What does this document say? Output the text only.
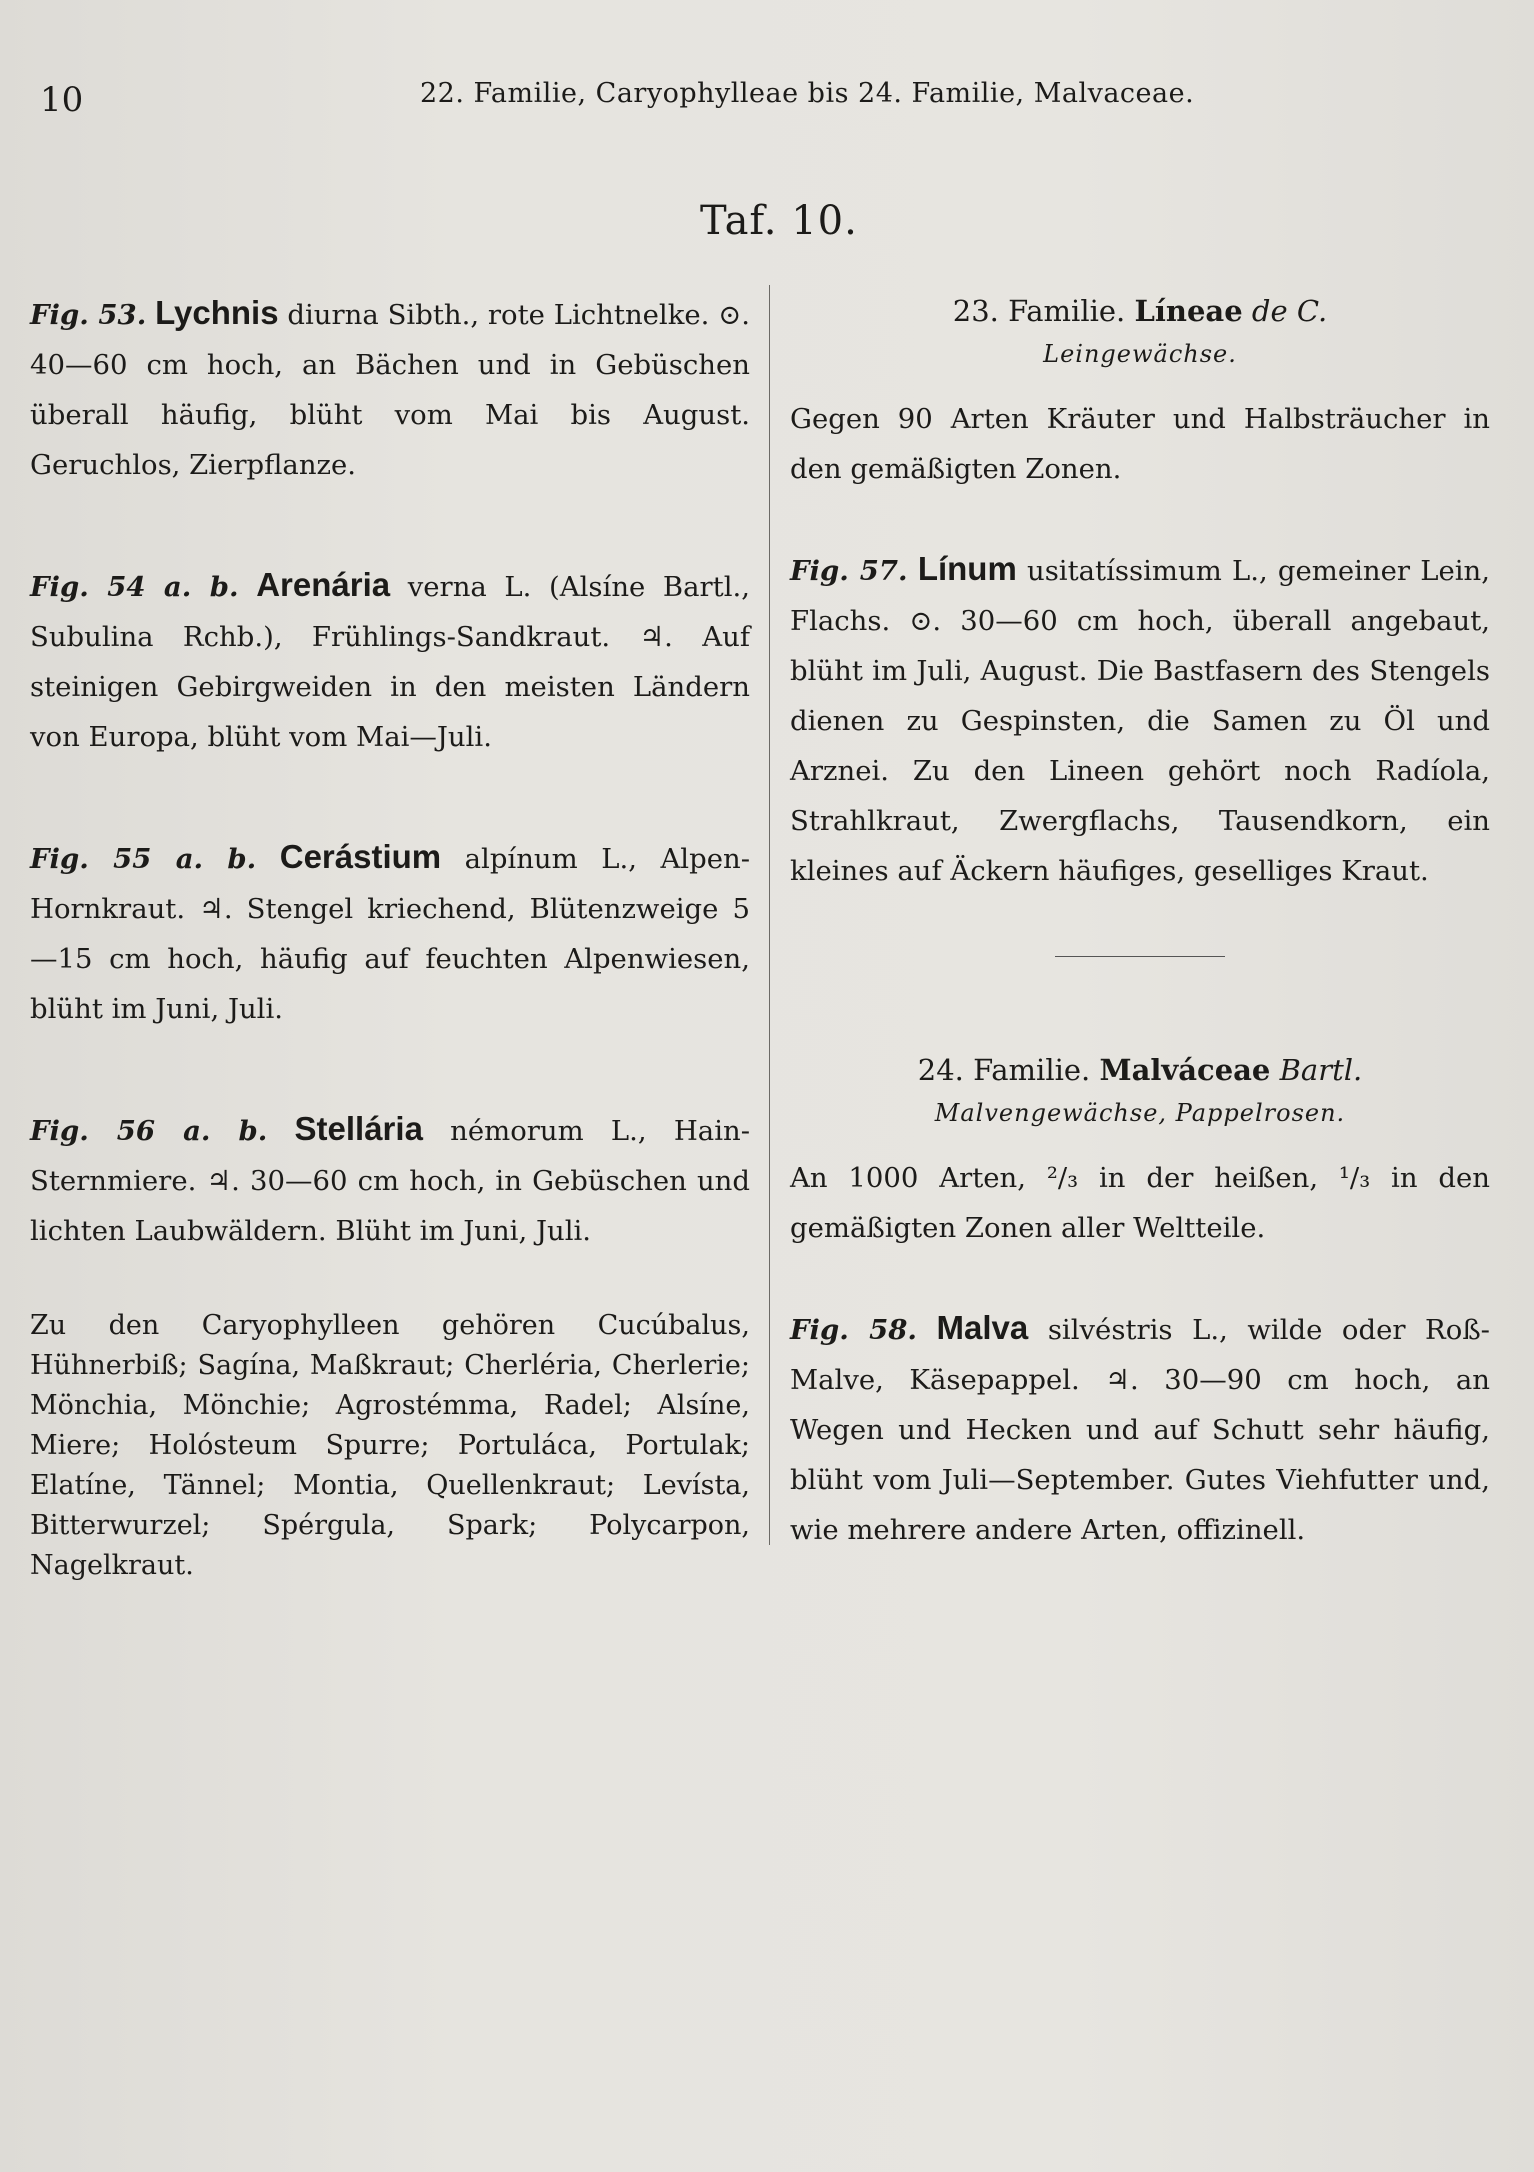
10	22. Familie, Caryophylleae bis 24. Familie, Malvaceae.
Taf. 10.

Fig. 53. Lychnis diurna Sibth., rote Lichtnelke. ⊙. 40—60 cm hoch, an Bächen und in Gebüschen überall häufig, blüht vom Mai bis August. Geruchlos, Zierpflanze.

Fig. 54 a. b. Arenária verna L. (Alsíne Bartl., Subulina Rchb.), Frühlings-Sandkraut. ♃. Auf steinigen Gebirgweiden in den meisten Ländern von Europa, blüht vom Mai—Juli.

Fig. 55 a. b. Cerástium alpínum L., Alpen-Hornkraut. ♃. Stengel kriechend, Blütenzweige 5—15 cm hoch, häufig auf feuchten Alpenwiesen, blüht im Juni, Juli.

Fig. 56 a. b. Stellária némorum L., Hain-Sternmiere. ♃. 30—60 cm hoch, in Gebüschen und lichten Laubwäldern. Blüht im Juni, Juli.

Zu den Caryophylleen gehören Cucúbalus, Hühnerbiß; Sagína, Maßkraut; Cherléria, Cherlerie; Mönchia, Mönchie; Agrostémma, Radel; Alsíne, Miere; Holósteum Spurre; Portuláca, Portulak; Elatíne, Tännel; Montia, Quellenkraut; Levísta, Bitterwurzel; Spérgula, Spark; Polycarpon, Nagelkraut.

23. Familie. Líneae de C.

Leingewächse.

Gegen 90 Arten Kräuter und Halbsträucher in den gemäßigten Zonen.

Fig. 57. Línum usitatíssimum L., gemeiner Lein, Flachs. ⊙. 30—60 cm hoch, überall angebaut, blüht im Juli, August. Die Bastfasern des Stengels dienen zu Gespinsten, die Samen zu Öl und Arznei. Zu den Lineen gehört noch Radíola, Strahlkraut, Zwergflachs, Tausendkorn, ein kleines auf Äckern häufiges, geselliges Kraut.

24. Familie. Malváceae Bartl.

Malvengewächse, Pappelrosen.

An 1000 Arten, ²/₃ in der heißen, ¹/₃ in den gemäßigten Zonen aller Weltteile.

Fig. 58. Malva silvéstris L., wilde oder Roß-Malve, Käsepappel. ♃. 30—90 cm hoch, an Wegen und Hecken und auf Schutt sehr häufig, blüht vom Juli—September. Gutes Viehfutter und, wie mehrere andere Arten, offizinell.
